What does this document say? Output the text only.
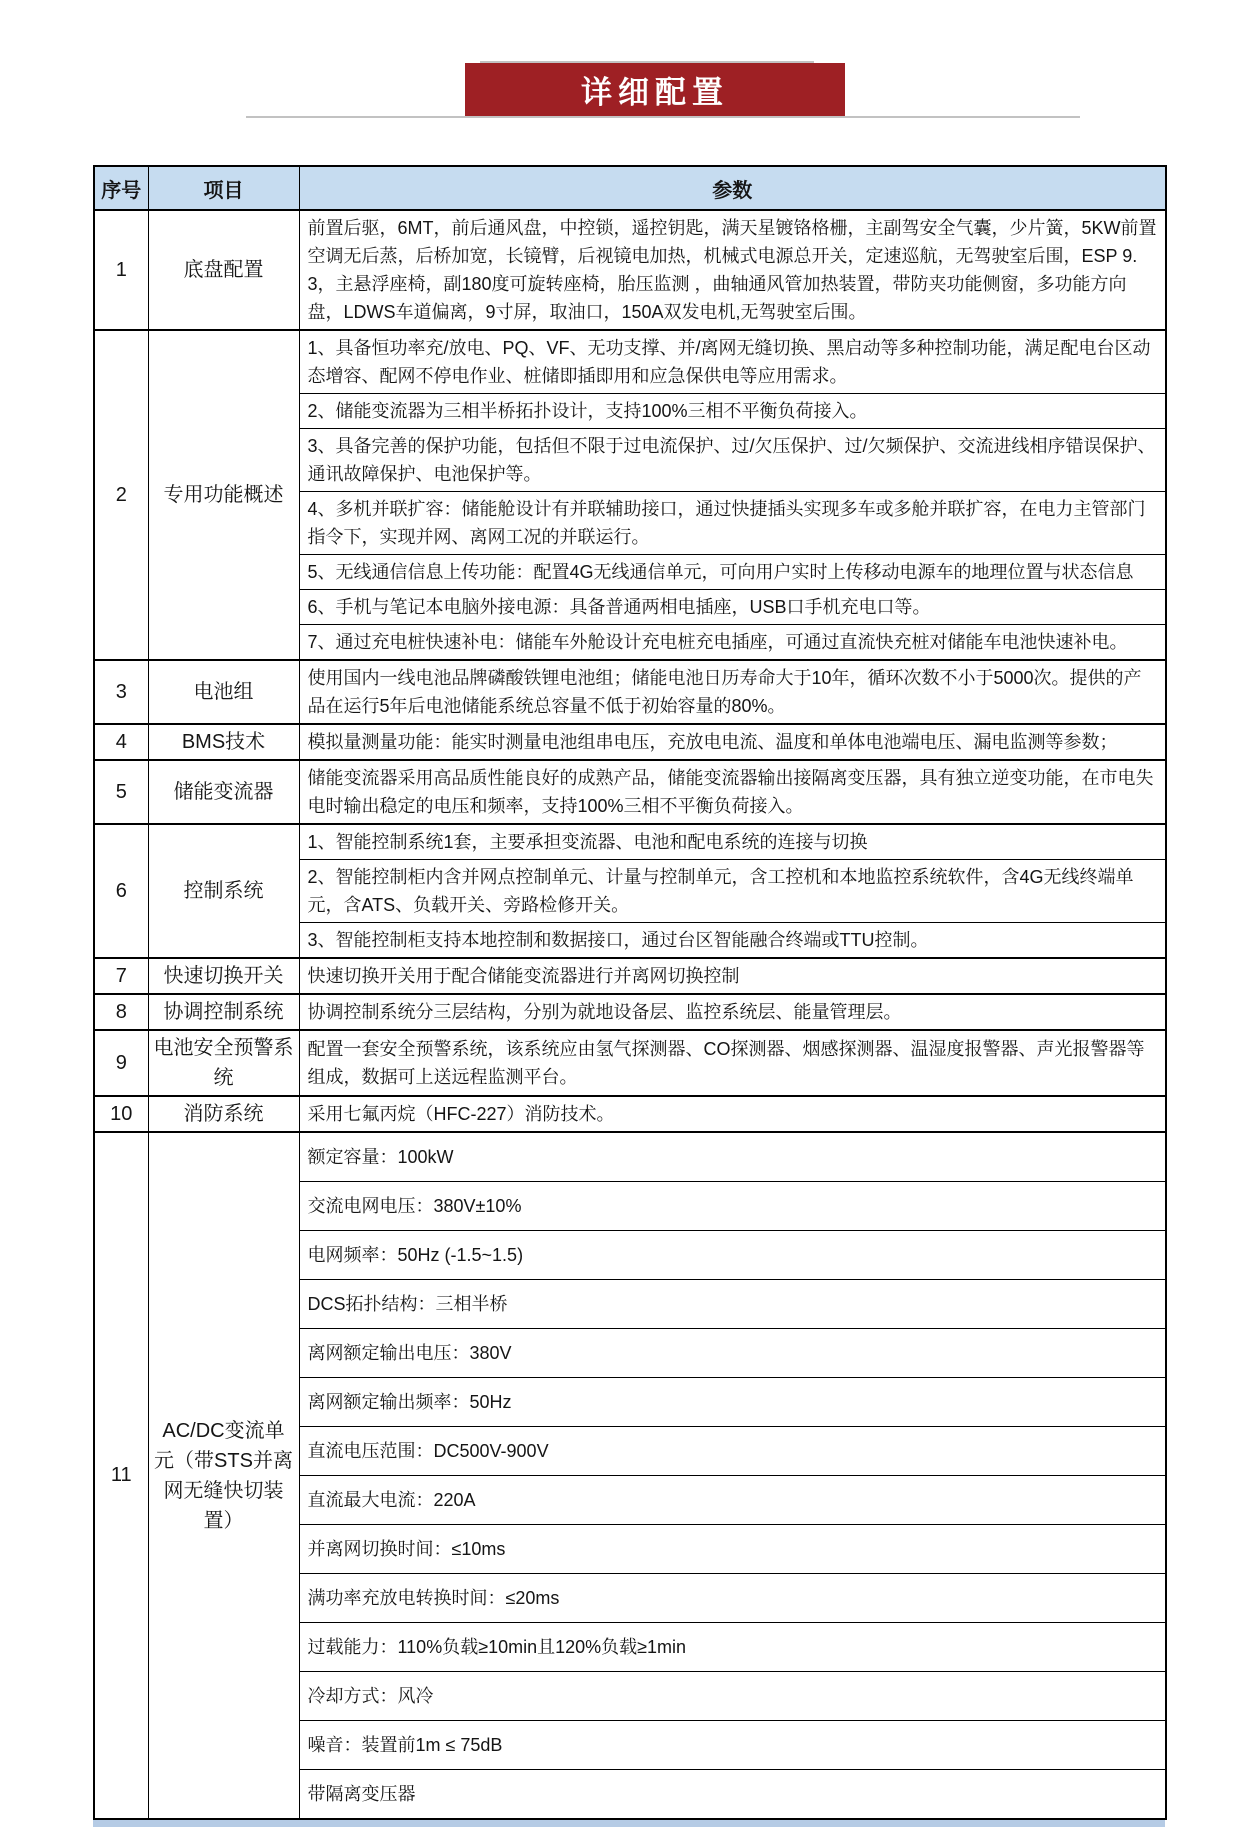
详细配置
序号	项目	参数
1	底盘配置	前置后驱，6MT，前后通风盘，中控锁，遥控钥匙，满天星镀铬格栅，主副驾安全气囊，少片簧，5KW前置空调无后蒸，后桥加宽，长镜臂，后视镜电加热，机械式电源总开关，定速巡航，无驾驶室后围，ESP 9.3，主悬浮座椅，副180度可旋转座椅，胎压监测 ，曲轴通风管加热装置，带防夹功能侧窗，多功能方向盘，LDWS车道偏离，9寸屏，取油口，150A双发电机,无驾驶室后围。
2	专用功能概述	1、具备恒功率充/放电、PQ、VF、无功支撑、并/离网无缝切换、黑启动等多种控制功能，满足配电台区动态增容、配网不停电作业、桩储即插即用和应急保供电等应用需求。
		2、储能变流器为三相半桥拓扑设计，支持100%三相不平衡负荷接入。
		3、具备完善的保护功能，包括但不限于过电流保护、过/欠压保护、过/欠频保护、交流进线相序错误保护、通讯故障保护、电池保护等。
		4、多机并联扩容：储能舱设计有并联辅助接口，通过快捷插头实现多车或多舱并联扩容，在电力主管部门指令下，实现并网、离网工况的并联运行。
		5、无线通信信息上传功能：配置4G无线通信单元，可向用户实时上传移动电源车的地理位置与状态信息
		6、手机与笔记本电脑外接电源：具备普通两相电插座，USB口手机充电口等。
		7、通过充电桩快速补电：储能车外舱设计充电桩充电插座，可通过直流快充桩对储能车电池快速补电。
3	电池组	使用国内一线电池品牌磷酸铁锂电池组；储能电池日历寿命大于10年，循环次数不小于5000次。提供的产品在运行5年后电池储能系统总容量不低于初始容量的80%。
4	BMS技术	模拟量测量功能：能实时测量电池组串电压，充放电电流、温度和单体电池端电压、漏电监测等参数；
5	储能变流器	储能变流器采用高品质性能良好的成熟产品，储能变流器输出接隔离变压器，具有独立逆变功能，在市电失电时输出稳定的电压和频率，支持100%三相不平衡负荷接入。
6	控制系统	1、智能控制系统1套，主要承担变流器、电池和配电系统的连接与切换
		2、智能控制柜内含并网点控制单元、计量与控制单元，含工控机和本地监控系统软件，含4G无线终端单元，含ATS、负载开关、旁路检修开关。
		3、智能控制柜支持本地控制和数据接口，通过台区智能融合终端或TTU控制。
7	快速切换开关	快速切换开关用于配合储能变流器进行并离网切换控制
8	协调控制系统	协调控制系统分三层结构，分别为就地设备层、监控系统层、能量管理层。
9	电池安全预警系统	配置一套安全预警系统，该系统应由氢气探测器、CO探测器、烟感探测器、温湿度报警器、声光报警器等组成，数据可上送远程监测平台。
10	消防系统	采用七氟丙烷（HFC-227）消防技术。
11	AC/DC变流单元（带STS并离网无缝快切装置）	额定容量：100kW
		交流电网电压：380V±10%
		电网频率：50Hz (-1.5~1.5)
		DCS拓扑结构：三相半桥
		离网额定输出电压：380V
		离网额定输出频率：50Hz
		直流电压范围：DC500V-900V
		直流最大电流：220A
		并离网切换时间：≤10ms
		满功率充放电转换时间：≤20ms
		过载能力：110%负载≥10min且120%负载≥1min
		冷却方式：风冷
		噪音：装置前1m ≤ 75dB
		带隔离变压器
